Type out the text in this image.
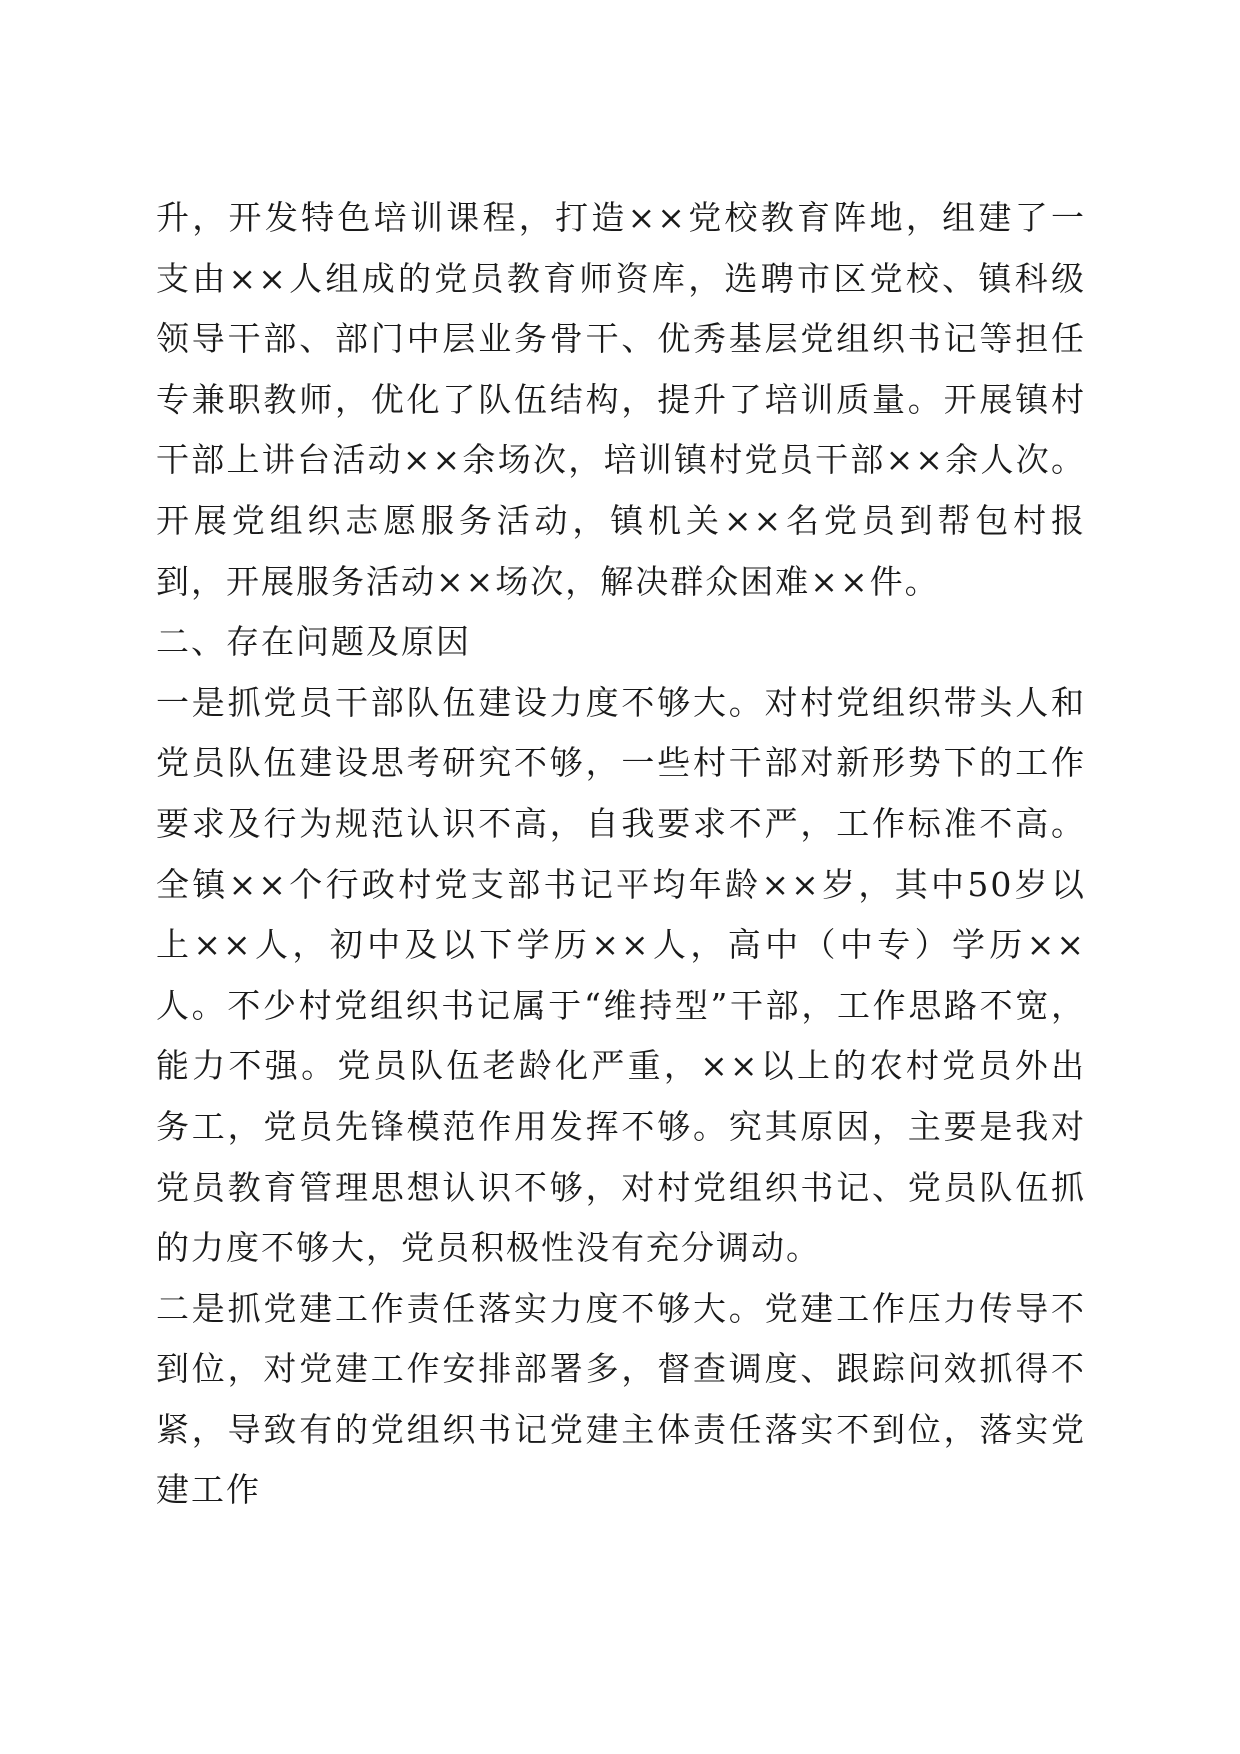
升，开发特色培训课程，打造××党校教育阵地，组建了一支由××人组成的党员教育师资库，选聘市区党校、镇科级领导干部、部门中层业务骨干、优秀基层党组织书记等担任专兼职教师，优化了队伍结构，提升了培训质量。开展镇村干部上讲台活动××余场次，培训镇村党员干部××余人次。开展党组织志愿服务活动，镇机关××名党员到帮包村报到，开展服务活动××场次，解决群众困难××件。

二、存在问题及原因

一是抓党员干部队伍建设力度不够大。对村党组织带头人和党员队伍建设思考研究不够，一些村干部对新形势下的工作要求及行为规范认识不高，自我要求不严，工作标准不高。全镇××个行政村党支部书记平均年龄××岁，其中50岁以上××人，初中及以下学历××人，高中（中专）学历××人。不少村党组织书记属于“维持型”干部，工作思路不宽，能力不强。党员队伍老龄化严重，××以上的农村党员外出务工，党员先锋模范作用发挥不够。究其原因，主要是我对党员教育管理思想认识不够，对村党组织书记、党员队伍抓的力度不够大，党员积极性没有充分调动。

二是抓党建工作责任落实力度不够大。党建工作压力传导不到位，对党建工作安排部署多，督查调度、跟踪问效抓得不紧，导致有的党组织书记党建主体责任落实不到位，落实党建工作
